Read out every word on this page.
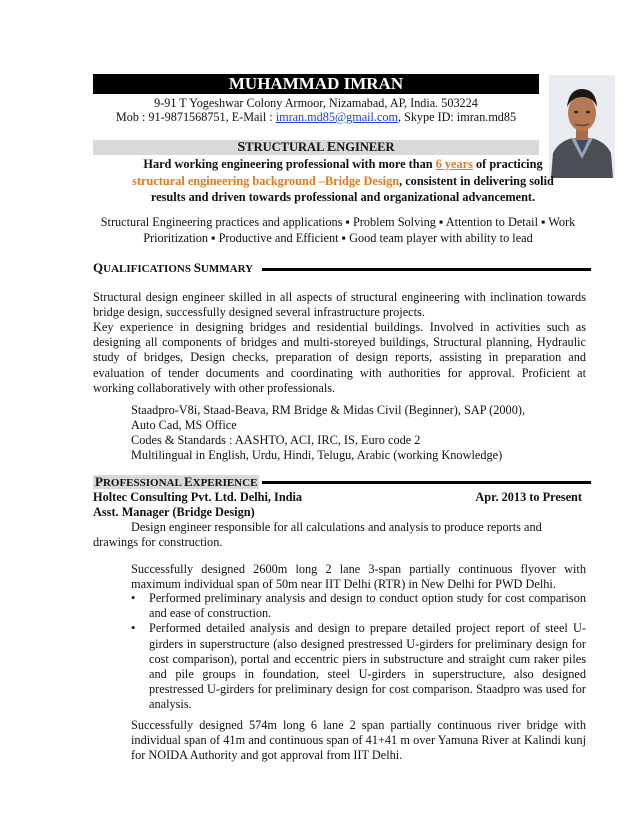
MUHAMMAD IMRAN
9-91 T Yogeshwar Colony Armoor, Nizamabad, AP, India. 503224
Mob : 91-9871568751, E-Mail : imran.md85@gmail.com, Skype ID: imran.md85
STRUCTURAL ENGINEER
Hard working engineering professional with more than 6 years of practicing
structural engineering background –Bridge Design, consistent in delivering solid
results and driven towards professional and organizational advancement.
Structural Engineering practices and applications ▪ Problem Solving ▪ Attention to Detail ▪ Work
Prioritization ▪ Productive and Efficient ▪ Good team player with ability to lead
QUALIFICATIONS SUMMARY
Structural design engineer skilled in all aspects of structural engineering with inclination towards bridge design, successfully designed several infrastructure projects.
Key experience in designing bridges and residential buildings. Involved in activities such as designing all components of bridges and multi-storeyed buildings, Structural planning, Hydraulic study of bridges, Design checks, preparation of design reports, assisting in preparation and evaluation of tender documents and coordinating with authorities for approval. Proficient at working collaboratively with other professionals.
Staadpro-V8i, Staad-Beava, RM Bridge & Midas Civil (Beginner), SAP (2000),
Auto Cad, MS Office
Codes & Standards : AASHTO, ACI, IRC, IS, Euro code 2
Multilingual in English, Urdu, Hindi, Telugu, Arabic (working Knowledge)
PROFESSIONAL EXPERIENCE
Holtec Consulting Pvt. Ltd. Delhi, India	Apr. 2013 to Present
Asst. Manager (Bridge Design)
Design engineer responsible for all calculations and analysis to produce reports and
drawings for construction.
Successfully designed 2600m long 2 lane 3-span partially continuous flyover with maximum individual span of 50m near IIT Delhi (RTR) in New Delhi for PWD Delhi.
• Performed preliminary analysis and design to conduct option study for cost comparison and ease of construction.
• Performed detailed analysis and design to prepare detailed project report of steel U-girders in superstructure (also designed prestressed U-girders for preliminary design for cost comparison), portal and eccentric piers in substructure and straight cum raker piles and pile groups in foundation, steel U-girders in superstructure, also designed prestressed U-girders for preliminary design for cost comparison. Staadpro was used for analysis.
Successfully designed 574m long 6 lane 2 span partially continuous river bridge with individual span of 41m and continuous span of 41+41 m over Yamuna River at Kalindi kunj for NOIDA Authority and got approval from IIT Delhi.
